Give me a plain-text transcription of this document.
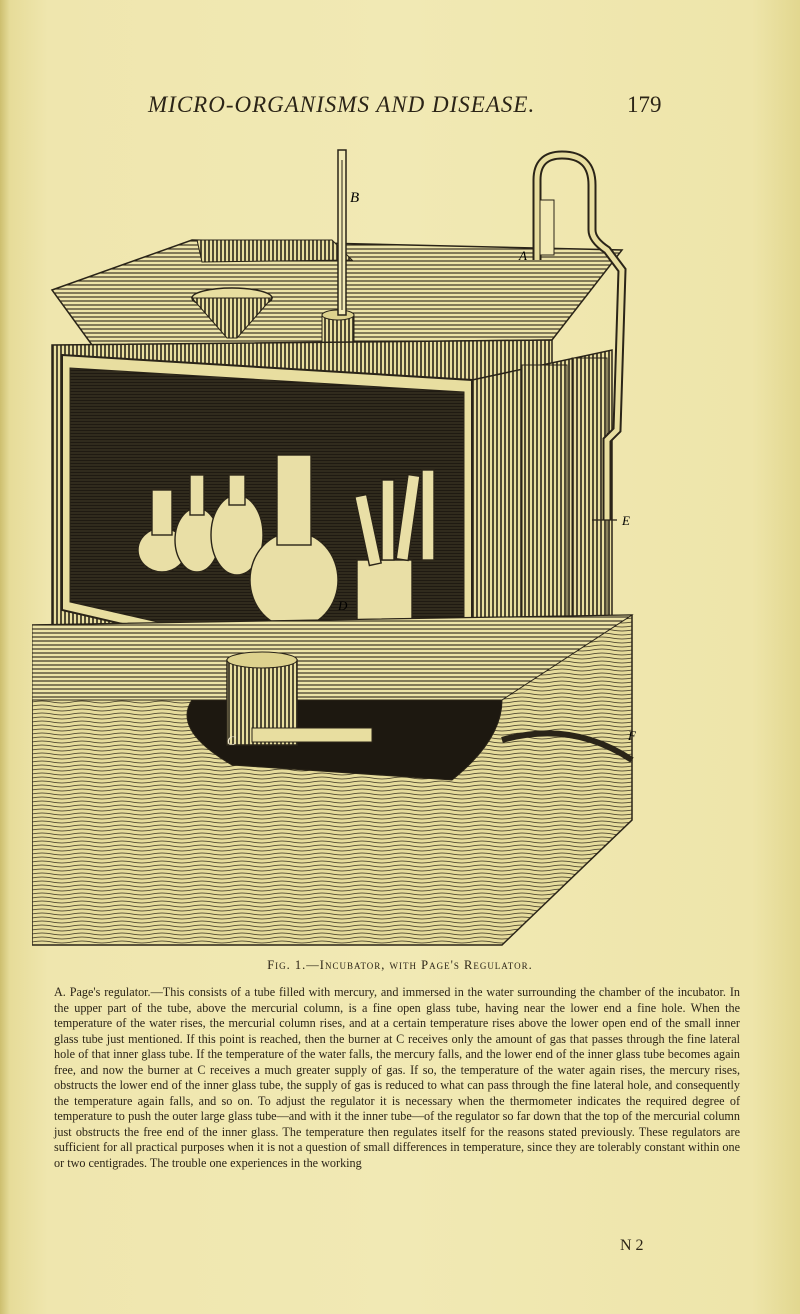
MICRO-ORGANISMS AND DISEASE.	179
B
D
A
E
C	F
Fig. 1.—Incubator, with Page's Regulator.

A. Page's regulator.—This consists of a tube filled with mercury, and immersed in the water surrounding the chamber of the incubator. In the upper part of the tube, above the mercurial column, is a fine open glass tube, having near the lower end a fine hole. When the temperature of the water rises, the mercurial column rises, and at a certain temperature rises above the lower open end of the small inner glass tube just mentioned. If this point is reached, then the burner at C receives only the amount of gas that passes through the fine lateral hole of that inner glass tube. If the temperature of the water falls, the mercury falls, and the lower end of the inner glass tube becomes again free, and now the burner at C receives a much greater supply of gas. If so, the temperature of the water again rises, the mercury rises, obstructs the lower end of the inner glass tube, the supply of gas is reduced to what can pass through the fine lateral hole, and consequently the temperature again falls, and so on. To adjust the regulator it is necessary when the thermometer indicates the required degree of temperature to push the outer large glass tube—and with it the inner tube—of the regulator so far down that the top of the mercurial column just obstructs the free end of the inner glass. The temperature then regulates itself for the reasons stated previously. These regulators are sufficient for all practical purposes when it is not a question of small differences in temperature, since they are tolerably constant within one or two centigrades. The trouble one experiences in the working

N 2
